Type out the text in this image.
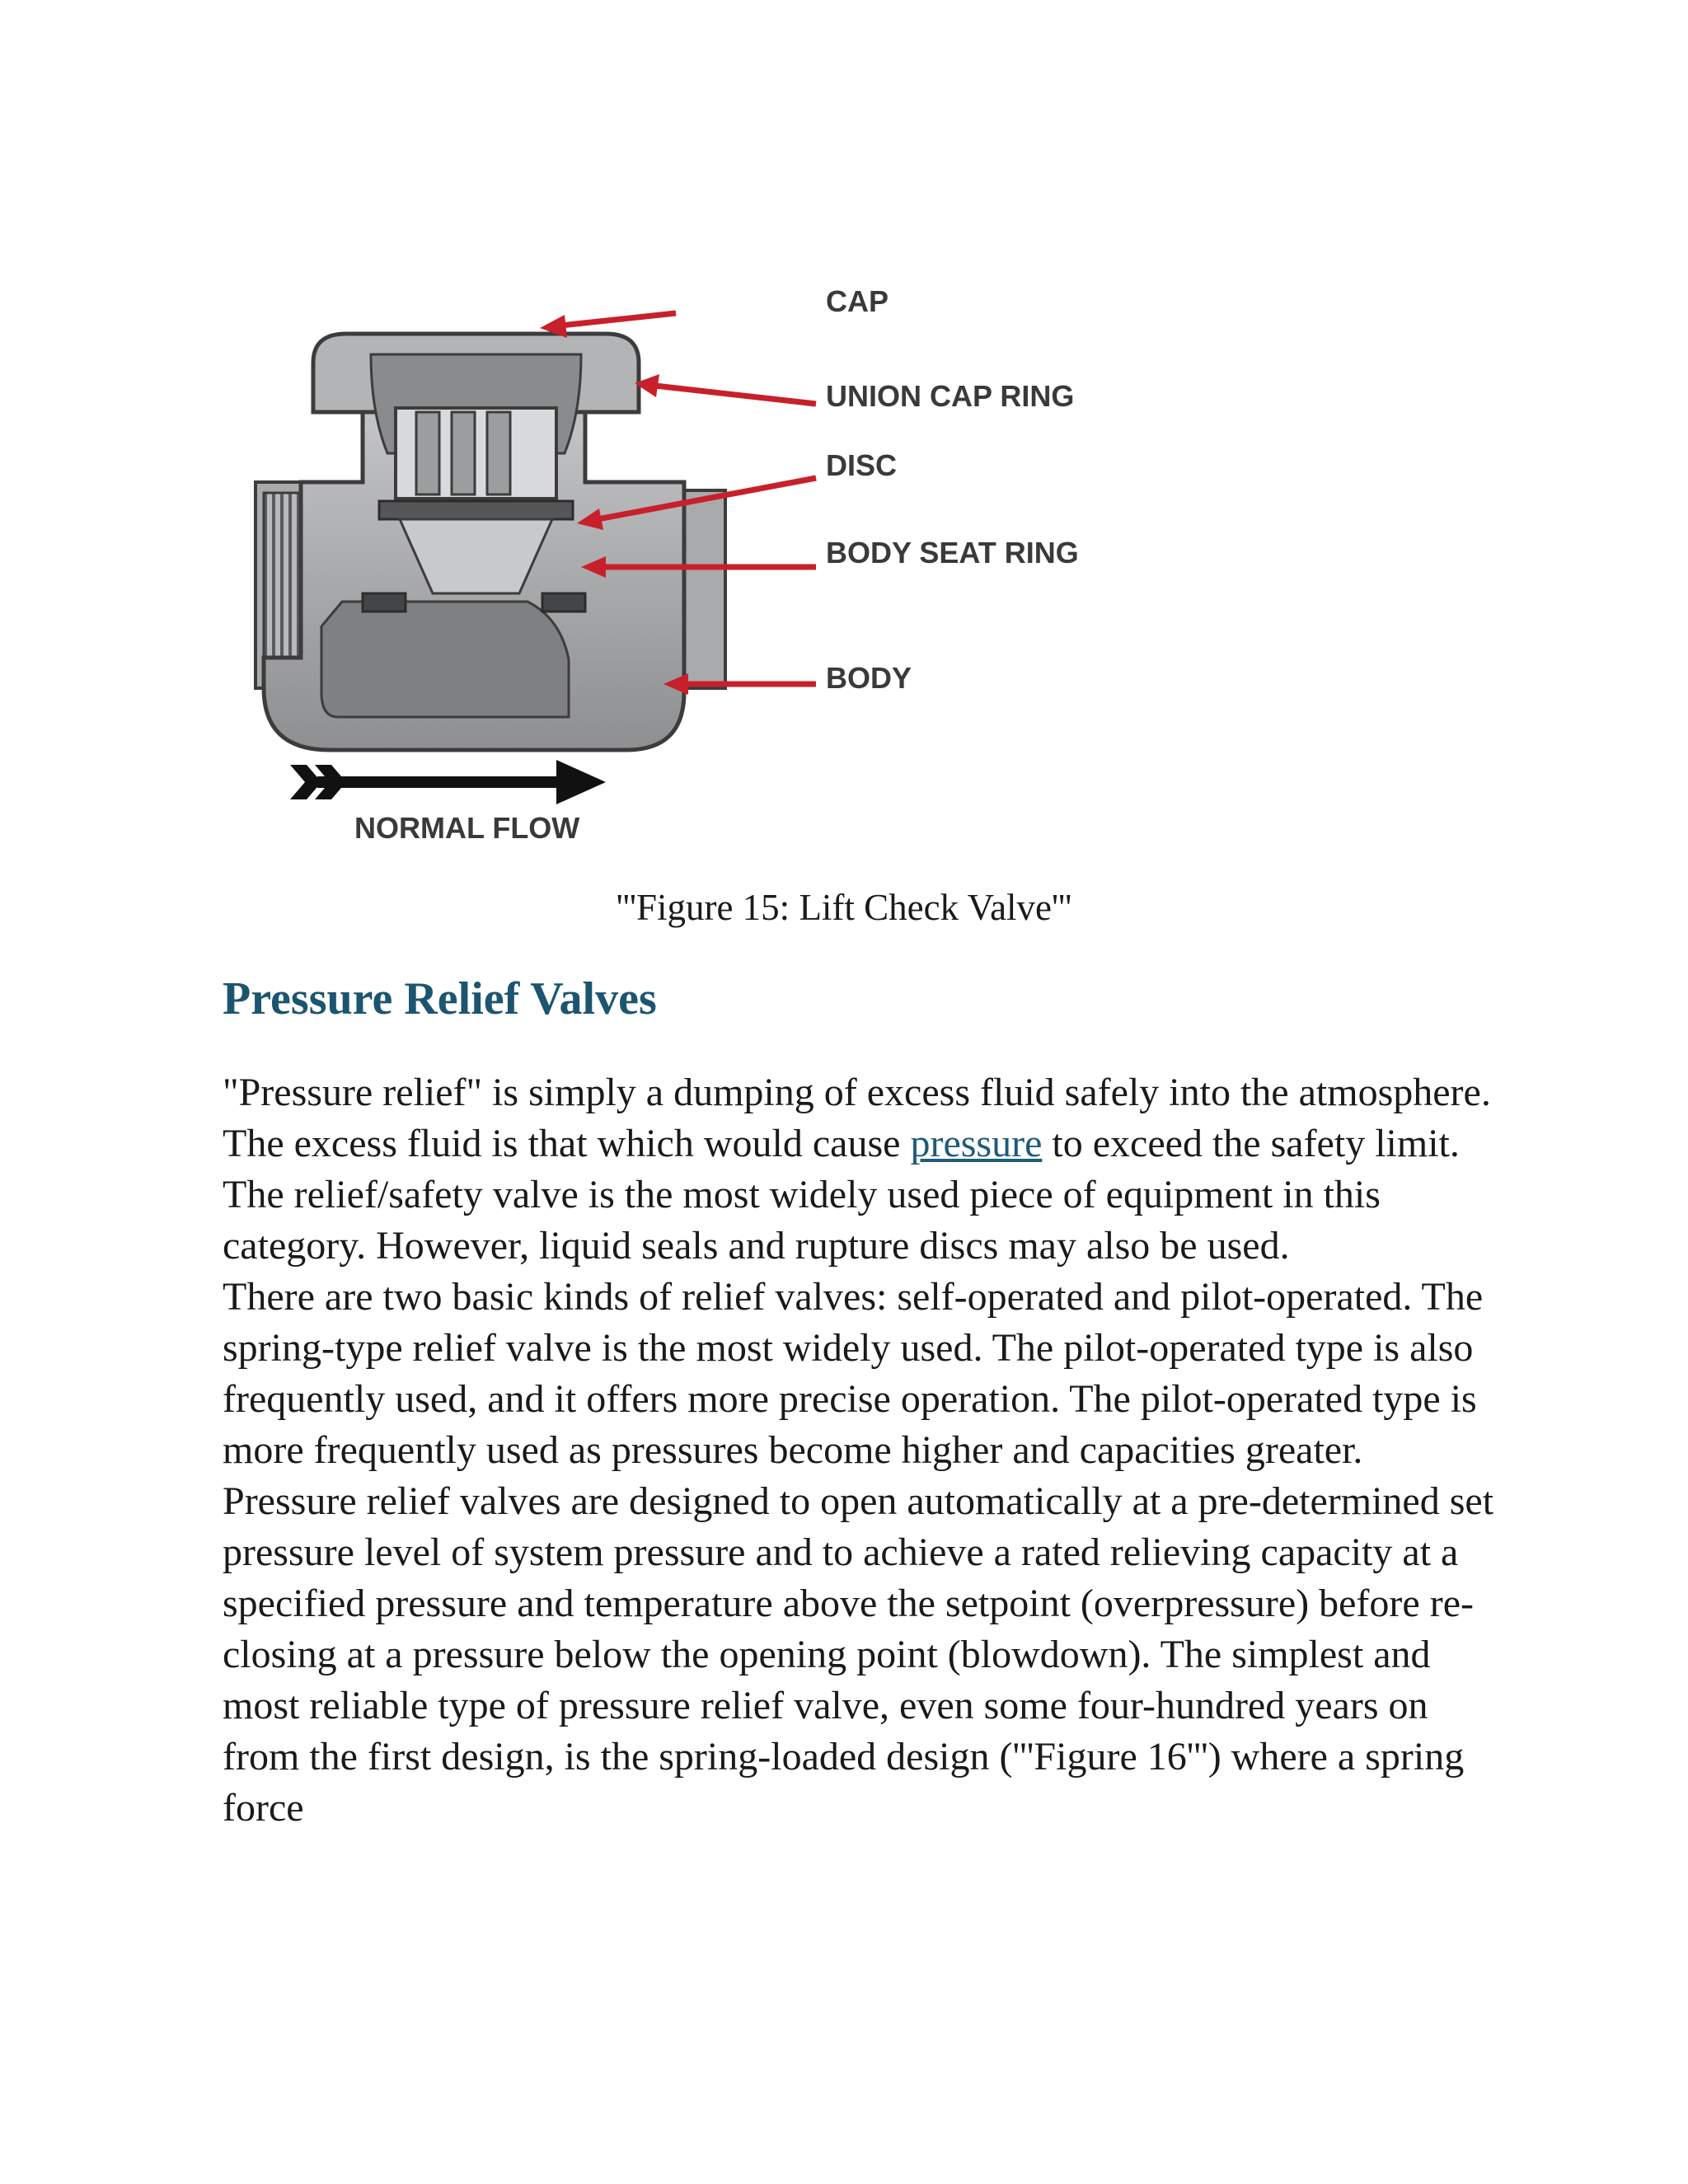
CAP
UNION CAP RING
DISC
BODY SEAT RING
BODY
NORMAL FLOW
'''Figure 15: Lift Check Valve'''
Pressure Relief Valves

"Pressure relief" is simply a dumping of excess fluid safely into the atmosphere. The excess fluid is that which would cause pressure to exceed the safety limit. The relief/safety valve is the most widely used piece of equipment in this category. However, liquid seals and rupture discs may also be used.

There are two basic kinds of relief valves: self-operated and pilot-operated. The spring-type relief valve is the most widely used. The pilot-operated type is also frequently used, and it offers more precise operation. The pilot-operated type is more frequently used as pressures become higher and capacities greater.

Pressure relief valves are designed to open automatically at a pre-determined set pressure level of system pressure and to achieve a rated relieving capacity at a specified pressure and temperature above the setpoint (overpressure) before re-closing at a pressure below the opening point (blowdown). The simplest and most reliable type of pressure relief valve, even some four-hundred years on from the first design, is the spring-loaded design ('''Figure 16''') where a spring force
